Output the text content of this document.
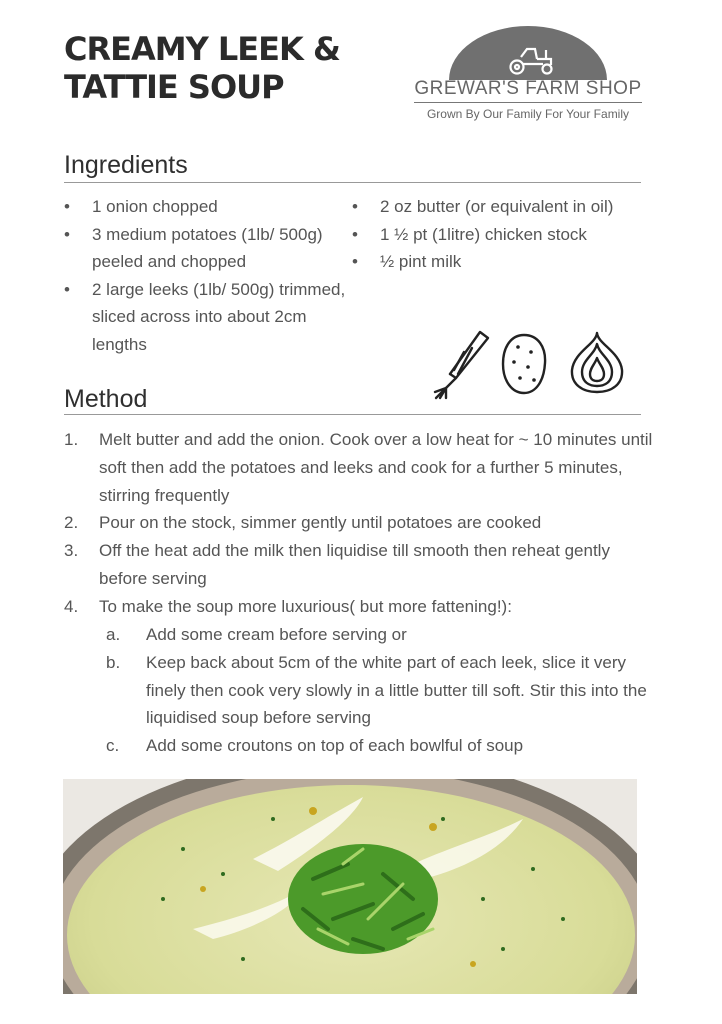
CREAMY LEEK &
TATTIE SOUP	GREWAR'S FARM SHOP
Grown By Our Family For Your Family
Ingredients
• 1 onion chopped
• 3 medium potatoes (1lb/ 500g) peeled and chopped
• 2 large leeks (1lb/ 500g) trimmed, sliced across into about 2cm lengths
• 2 oz butter (or equivalent in oil)
• 1 ½ pt (1litre) chicken stock
• ½ pint milk
Method
1. Melt butter and add the onion. Cook over a low heat for ~ 10 minutes until soft then add the potatoes and leeks and cook for a further 5 minutes, stirring frequently
2. Pour on the stock, simmer gently until potatoes are cooked
3. Off the heat add the milk then liquidise till smooth then reheat gently before serving
4. To make the soup more luxurious( but more fattening!):
a. Add some cream before serving or
b. Keep back about 5cm of the white part of each leek, slice it very finely then cook very slowly in a little butter till soft. Stir this into the liquidised soup before serving
c. Add some croutons on top of each bowlful of soup
